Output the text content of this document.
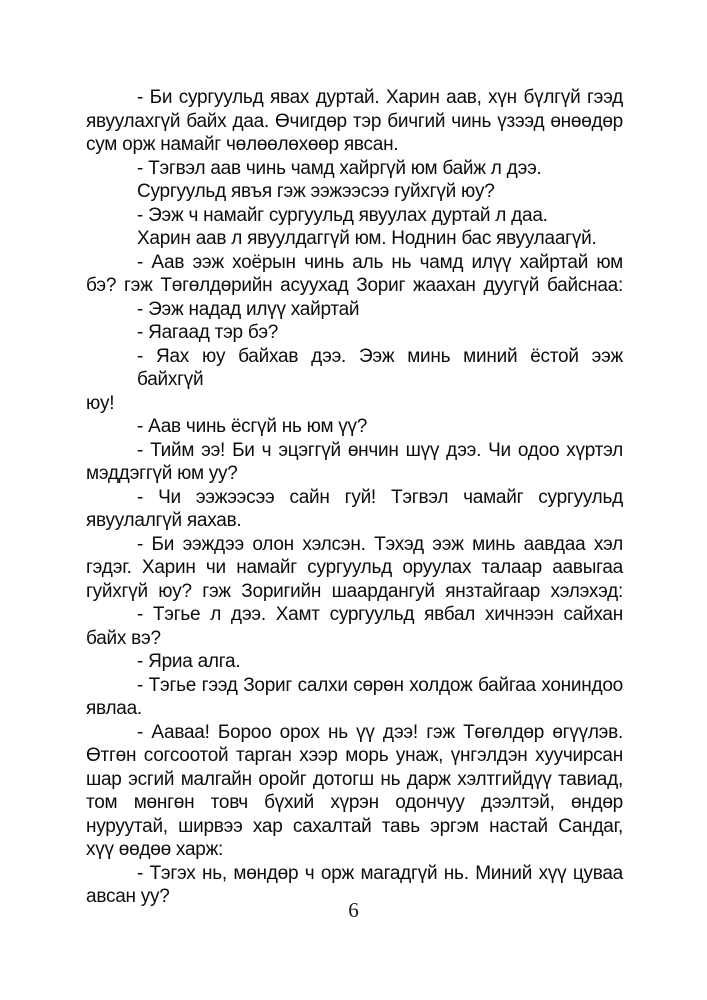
- Би сургуульд явах дуртай. Харин аав, хүн бүлгүй гээд
явуулахгүй байх даа. Өчигдөр тэр бичгий чинь үзээд өнөөдөр
сум орж намайг чөлөөлөхөөр явсан.
- Тэгвэл аав чинь чамд хайргүй юм байж л дээ.
Сургуульд явъя гэж ээжээсээ гуйхгүй юу?
- Ээж ч намайг сургуульд явуулах дуртай л даа.
Харин аав л явуулдаггүй юм. Ноднин бас явуулаагүй.
- Аав ээж хоёрын чинь аль нь чамд илүү хайртай юм
бэ? гэж Төгөлдөрийн асуухад Зориг жаахан дуугүй байснаа:
- Ээж надад илүү хайртай
- Яагаад тэр бэ?
- Яах юу байхав дээ. Ээж минь миний ёстой ээж байхгүй
юу!
- Аав чинь ёсгүй нь юм үү?
- Тийм ээ! Би ч эцэггүй өнчин шүү дээ. Чи одоо хүртэл
мэддэггүй юм уу?
- Чи ээжээсээ сайн гуй! Тэгвэл чамайг сургуульд
явуулалгүй яахав.
- Би ээждээ олон хэлсэн. Тэхэд ээж минь аавдаа хэл
гэдэг. Харин чи намайг сургуульд оруулах талаар аавыгаа
гуйхгүй юу? гэж Зоригийн шаардангуй янзтайгаар хэлэхэд:
- Тэгье л дээ. Хамт сургуульд явбал хичнээн сайхан
байх вэ?
- Яриа алга.
- Тэгье гээд Зориг салхи сөрөн холдож байгаа хониндоо
явлаа.
- Ааваа! Бороо орох нь үү дээ! гэж Төгөлдөр өгүүлэв.
Өтгөн согсоотой тарган хээр морь унаж, үнгэлдэн хуучирсан
шар эсгий малгайн оройг дотогш нь дарж хэлтгийдүү тавиад,
том мөнгөн товч бүхий хүрэн одончуу дээлтэй, өндөр
нуруутай, ширвээ хар сахалтай тавь эргэм настай Сандаг,
хүү өөдөө харж:
- Тэгэх нь, мөндөр ч орж магадгүй нь. Миний хүү цуваа
авсан уу?
6
